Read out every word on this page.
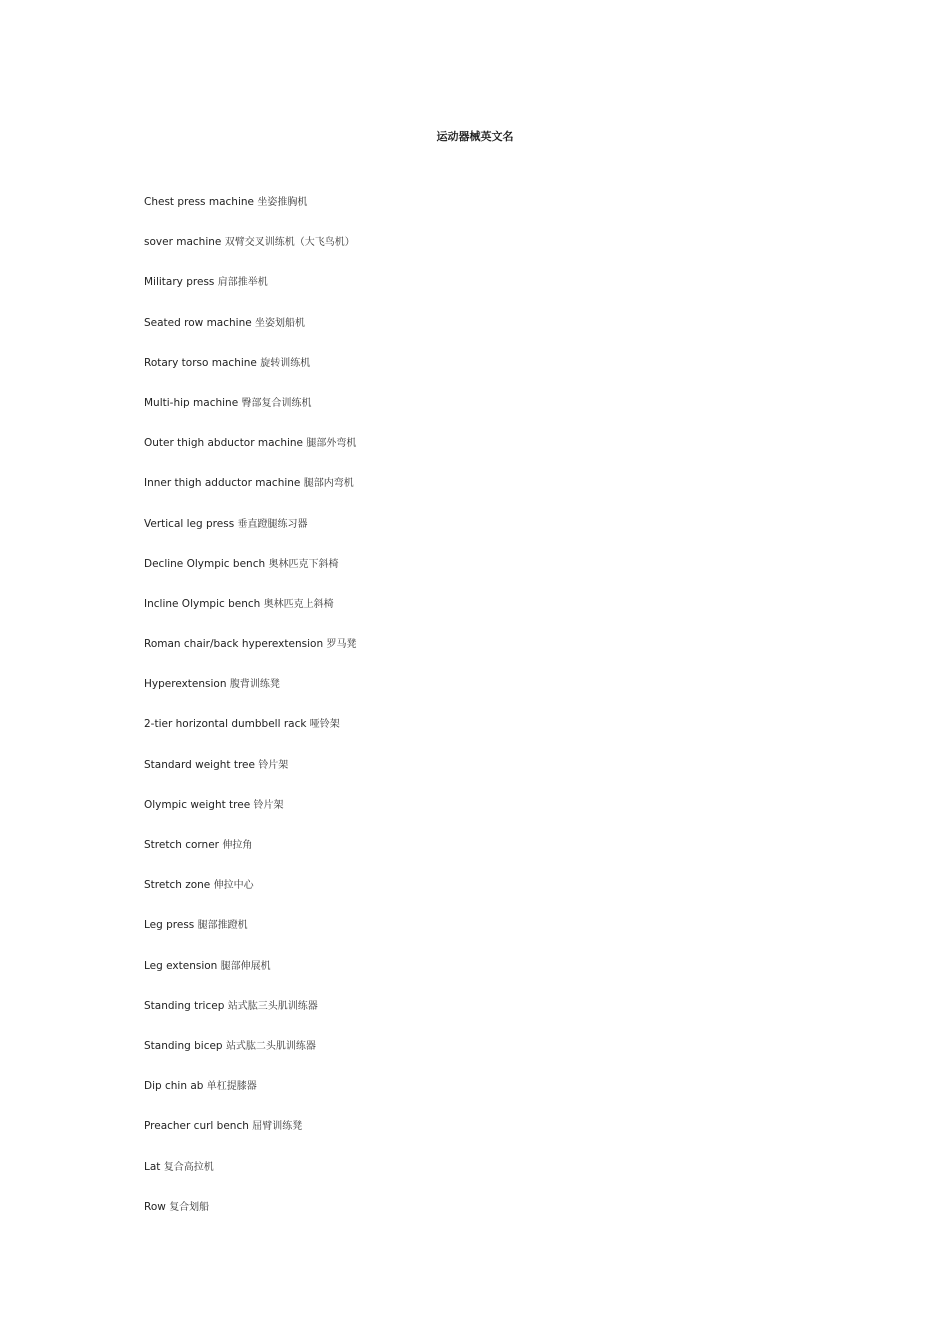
运动器械英文名
Chest press machine 坐姿推胸机
sover machine 双臂交叉训练机（大飞鸟机）
Military press 肩部推举机
Seated row machine 坐姿划船机
Rotary torso machine 旋转训练机
Multi-hip machine 臀部复合训练机
Outer thigh abductor machine 腿部外弯机
Inner thigh adductor machine 腿部内弯机
Vertical leg press 垂直蹬腿练习器
Decline Olympic bench 奥林匹克下斜椅
Incline Olympic bench 奥林匹克上斜椅
Roman chair/back hyperextension 罗马凳
Hyperextension 腹背训练凳
2-tier horizontal dumbbell rack 哑铃架
Standard weight tree 铃片架
Olympic weight tree 铃片架
Stretch corner 伸拉角
Stretch zone 伸拉中心
Leg press 腿部推蹬机
Leg extension 腿部伸展机
Standing tricep 站式肱三头肌训练器
Standing bicep 站式肱二头肌训练器
Dip chin ab 单杠提膝器
Preacher curl bench 屈臂训练凳
Lat 复合高拉机
Row 复合划船
